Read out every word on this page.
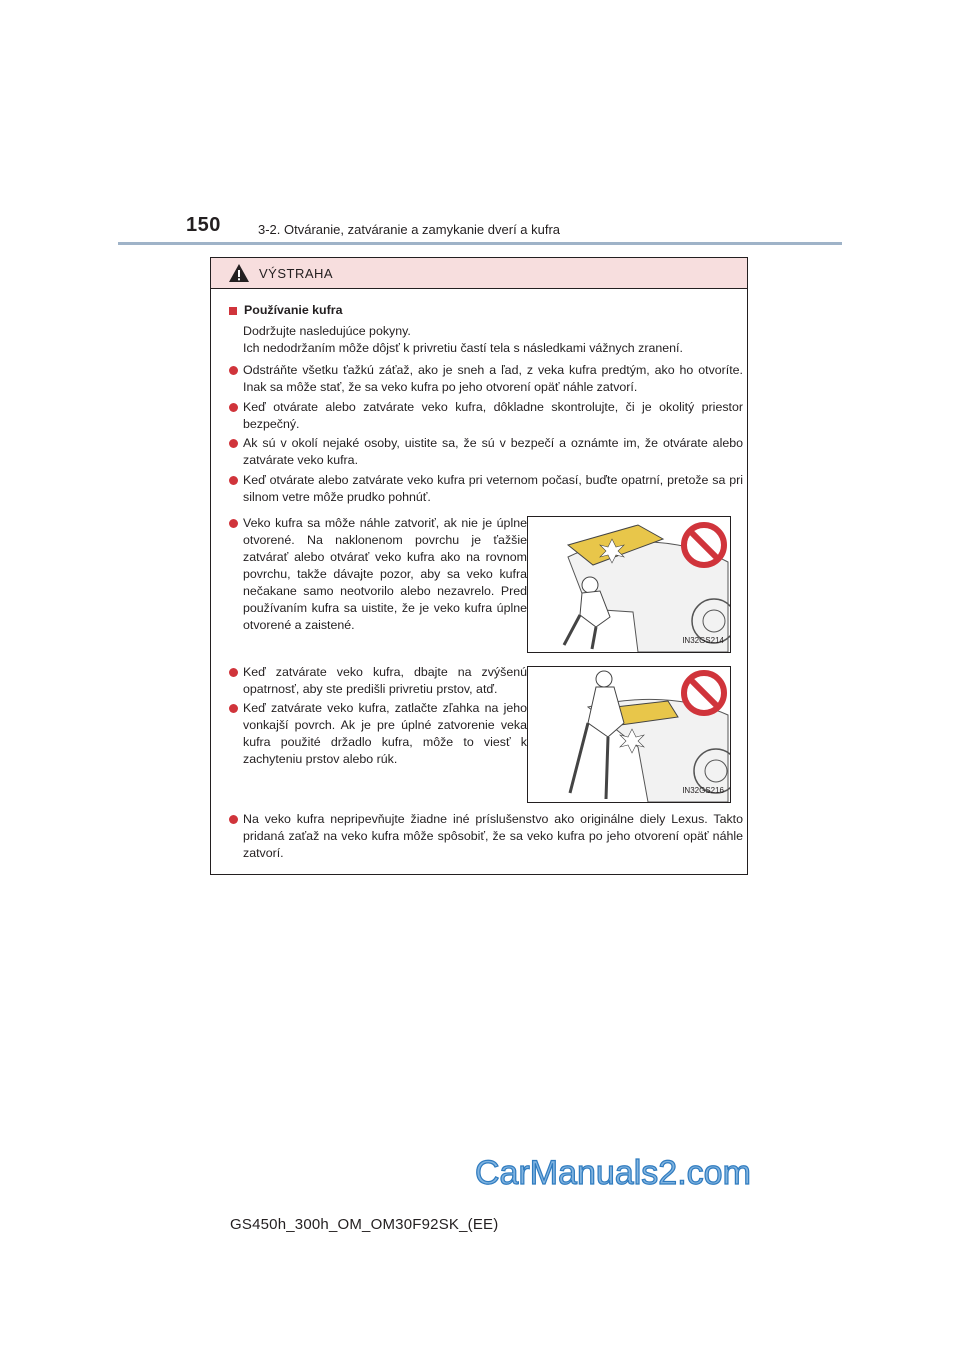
150	3-2. Otváranie, zatváranie a zamykanie dverí a kufra
VÝSTRAHA
Používanie kufra
Dodržujte nasledujúce pokyny.
Ich nedodržaním môže dôjsť k privretiu častí tela s následkami vážnych zranení.
Odstráňte všetku ťažkú záťaž, ako je sneh a ľad, z veka kufra predtým, ako ho otvoríte. Inak sa môže stať, že sa veko kufra po jeho otvorení opäť náhle zatvorí.
Keď otvárate alebo zatvárate veko kufra, dôkladne skontrolujte, či je okolitý priestor bezpečný.
Ak sú v okolí nejaké osoby, uistite sa, že sú v bezpečí a oznámte im, že otvárate alebo zatvárate veko kufra.
Keď otvárate alebo zatvárate veko kufra pri veternom počasí, buďte opatrní, pretože sa pri silnom vetre môže prudko pohnúť.
Veko kufra sa môže náhle zatvoriť, ak nie je úplne otvorené. Na naklonenom povrchu je ťažšie zatvárať alebo otvárať veko kufra ako na rovnom povrchu, takže dávajte pozor, aby sa veko kufra nečakane samo neotvorilo alebo nezavrelo. Pred používaním kufra sa uistite, že je veko kufra úplne otvorené a zaistené.
IN32GS214
Keď zatvárate veko kufra, dbajte na zvýšenú opatrnosť, aby ste predišli privretiu prstov, atď.
Keď zatvárate veko kufra, zatlačte zľahka na jeho vonkajší povrch. Ak je pre úplné zatvorenie veka kufra použité držadlo kufra, môže to viesť k zachyteniu prstov alebo rúk.
IN32GS216
Na veko kufra nepripevňujte žiadne iné príslušenstvo ako originálne diely Lexus. Takto pridaná zaťaž na veko kufra môže spôsobiť, že sa veko kufra po jeho otvorení opäť náhle zatvorí.
CarManuals2.com
GS450h_300h_OM_OM30F92SK_(EE)
